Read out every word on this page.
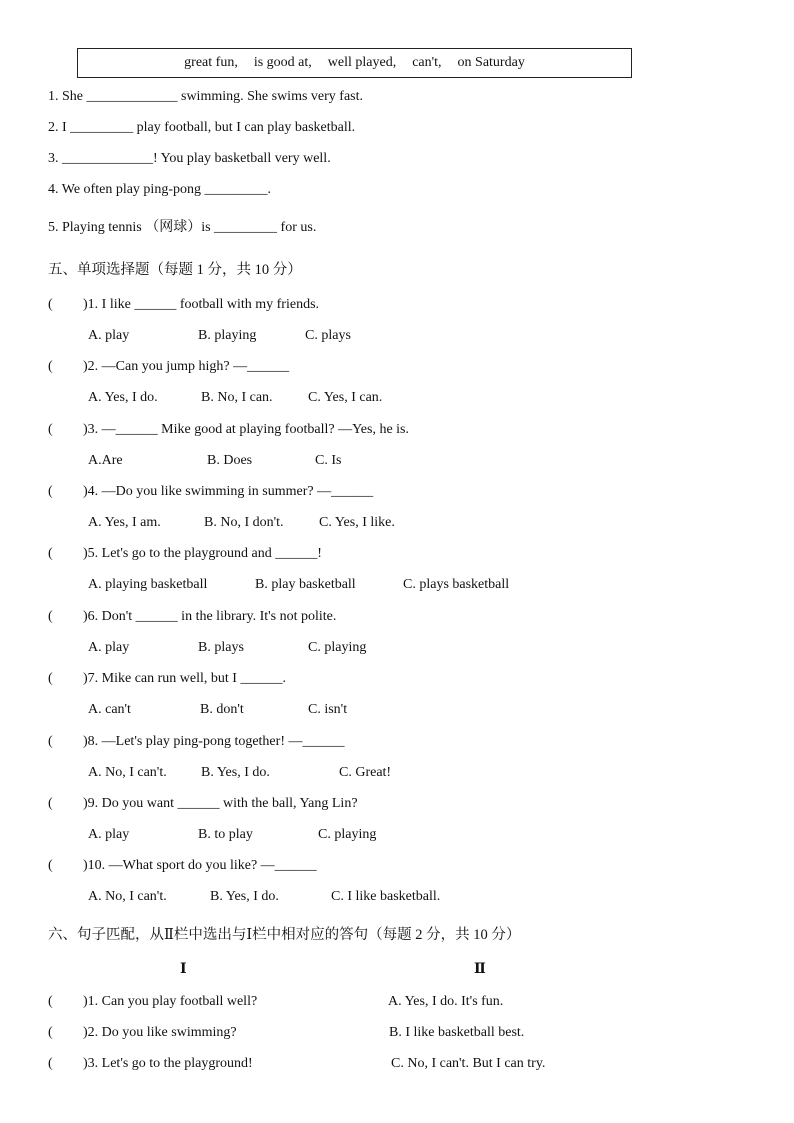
great fun, is good at, well played, can't, on Saturday
1. She _____________ swimming. She swims very fast.
2. I _________ play football, but I can play basketball.
3. _____________! You play basketball very well.
4. We often play ping-pong _________.
5. Playing tennis （网球）is _________ for us.
五、单项选择题（每题 1 分，共 10 分）
( )1. I like ______ football with my friends.
A. play	B. playing	C. plays
( )2. —Can you jump high? —______
A. Yes, I do.	B. No, I can.	C. Yes, I can.
( )3. —______ Mike good at playing football? —Yes, he is.
A.Are	B. Does	C. Is
( )4. —Do you like swimming in summer? —______
A. Yes, I am.	B. No, I don't.	C. Yes, I like.
( )5. Let's go to the playground and ______!
A. playing basketball	B. play basketball	C. plays basketball
( )6. Don't ______ in the library. It's not polite.
A. play	B. plays	C. playing
( )7. Mike can run well, but I ______.
A. can't	B. don't	C. isn't
( )8. —Let's play ping-pong together! —______
A. No, I can't. B. Yes, I do.	C. Great!
( )9. Do you want ______ with the ball, Yang Lin?
A. play	B. to play	C. playing
( )10. —What sport do you like? —______
A. No, I can't.	B. Yes, I do.	C. I like basketball.
六、句子匹配，从Ⅱ栏中选出与Ⅰ栏中相对应的答句（每题 2 分，共 10 分）
Ⅰ	Ⅱ
( )1. Can you play football well?	A. Yes, I do. It's fun.
( )2. Do you like swimming?	B. I like basketball best.
( )3. Let's go to the playground!	C. No, I can't. But I can try.
